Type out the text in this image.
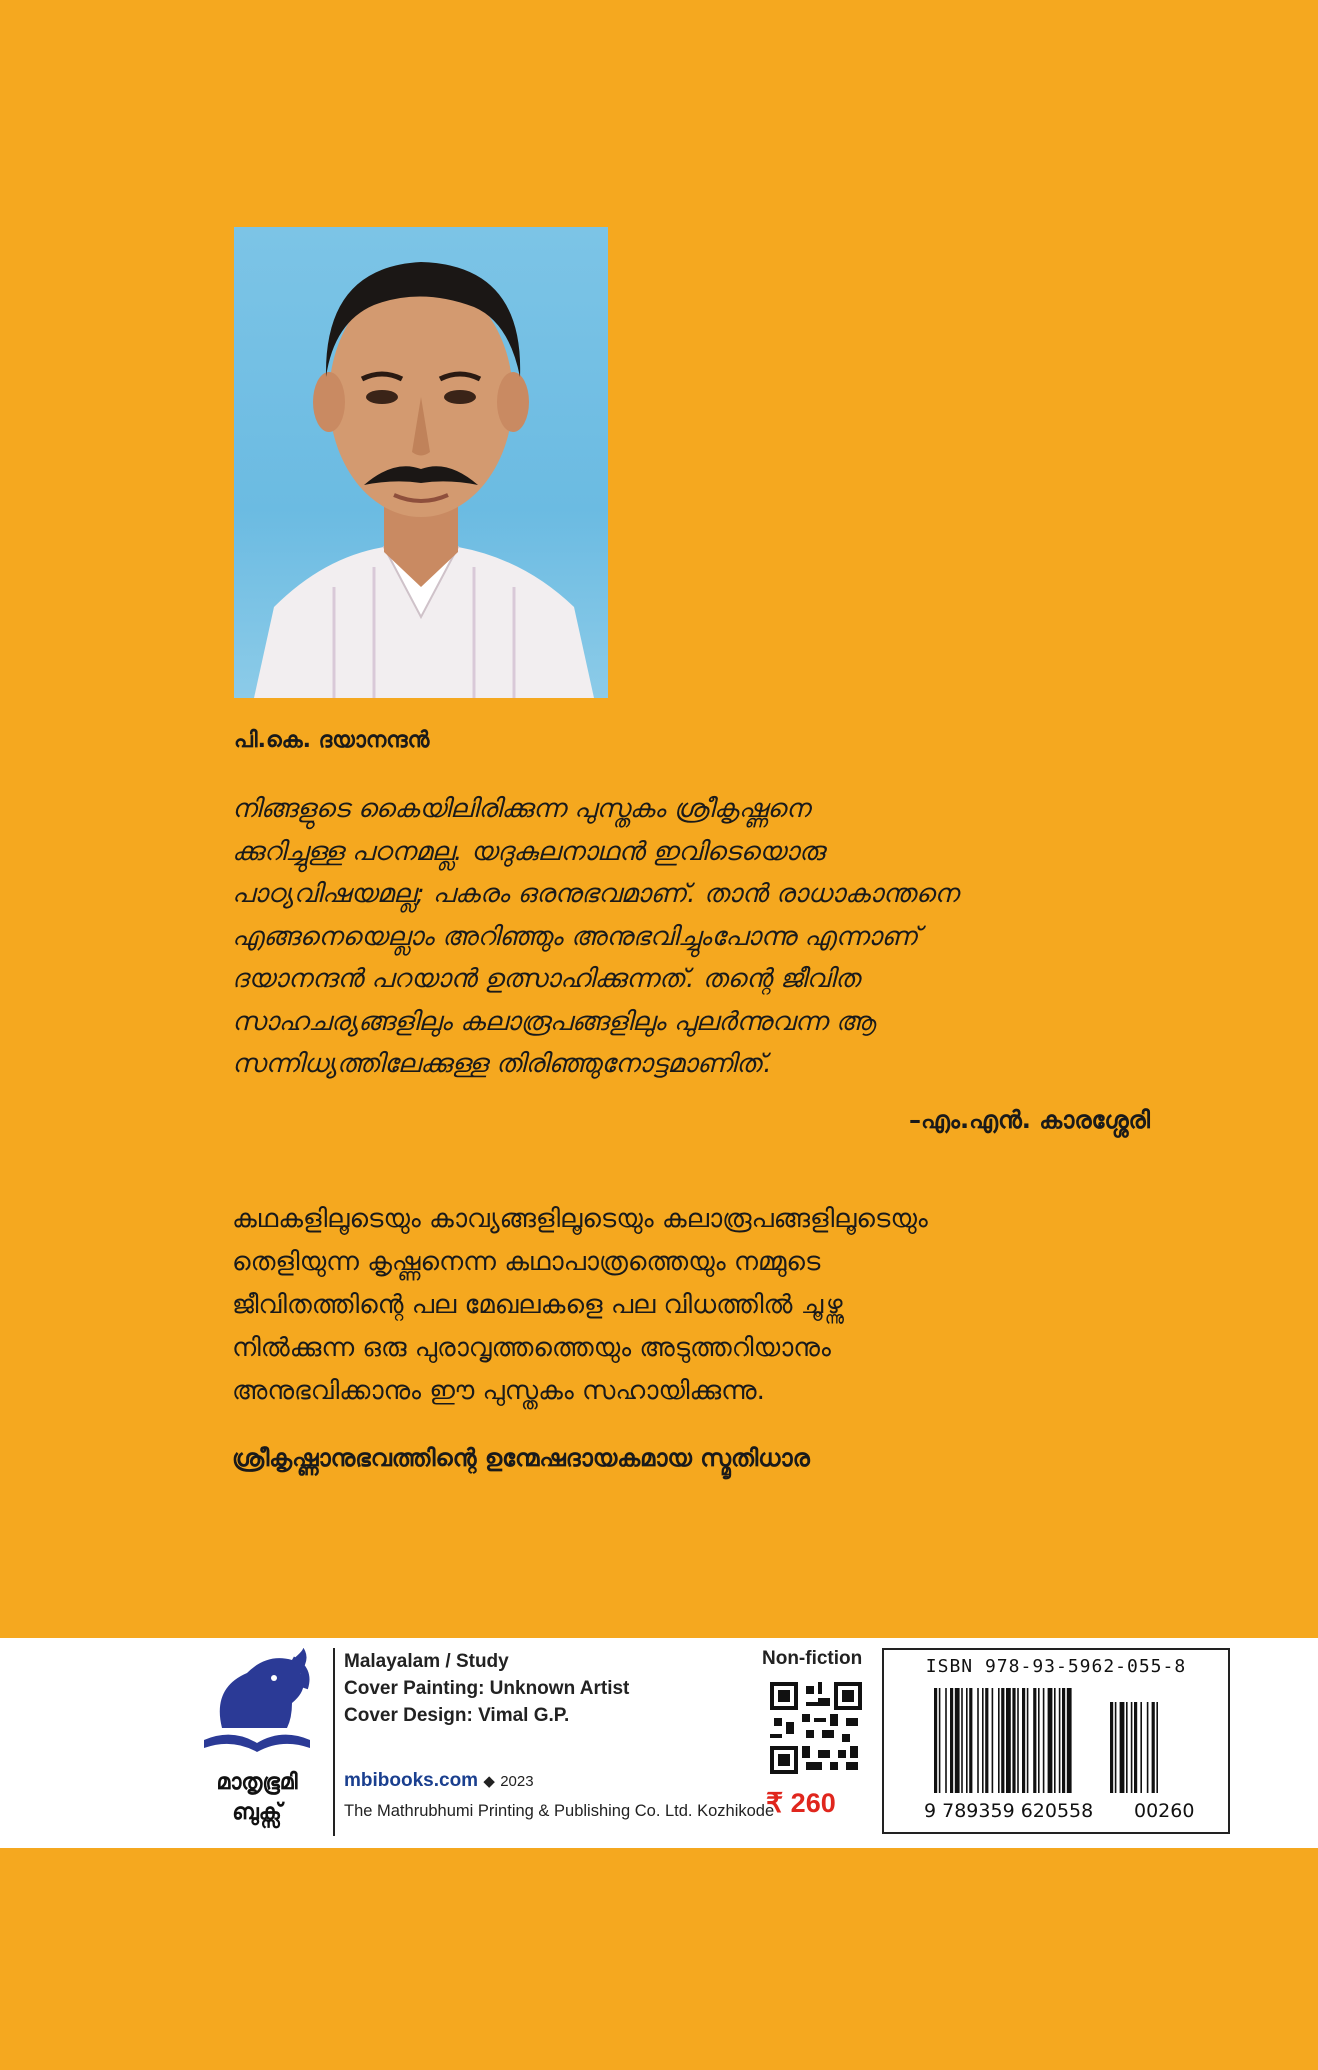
പി.കെ. ദയാനന്ദൻ

നിങ്ങളുടെ കൈയിലിരിക്കുന്ന പുസ്തകം ശ്രീകൃഷ്ണനെ

ക്കുറിച്ചുള്ള പഠനമല്ല. യദുകുലനാഥൻ ഇവിടെയൊരു

പാഠ്യവിഷയമല്ല; പകരം ഒരനുഭവമാണ്. താൻ രാധാകാന്തനെ

എങ്ങനെയെല്ലാം അറിഞ്ഞും അനുഭവിച്ചുംപോന്നു എന്നാണ്

ദയാനന്ദൻ പറയാൻ ഉത്സാഹിക്കുന്നത്. തന്റെ ജീവിത

സാഹചര്യങ്ങളിലും കലാരൂപങ്ങളിലും പുലർന്നുവന്ന ആ

സന്നിധ്യത്തിലേക്കുള്ള തിരിഞ്ഞുനോട്ടമാണിത്.

–എം.എൻ. കാരശ്ശേരി

കഥകളിലൂടെയും കാവ്യങ്ങളിലൂടെയും കലാരൂപങ്ങളിലൂടെയും

തെളിയുന്ന കൃഷ്ണനെന്ന കഥാപാത്രത്തെയും നമ്മുടെ

ജീവിതത്തിന്റെ പല മേഖലകളെ പല വിധത്തിൽ ചൂഴ്ന്നു

നിൽക്കുന്ന ഒരു പുരാവൃത്തത്തെയും അടുത്തറിയാനും

അനുഭവിക്കാനും ഈ പുസ്തകം സഹായിക്കുന്നു.

ശ്രീകൃഷ്ണാനുഭവത്തിന്റെ ഉന്മേഷദായകമായ സ്മൃതിധാര
മാതൃഭൂമി
ബുക്സ്
Malayalam / Study
Cover Painting: Unknown Artist
Cover Design: Vimal G.P.
mbibooks.com ◆ 2023
The Mathrubhumi Printing & Publishing Co. Ltd. Kozhikode
Non-fiction
₹ 260
ISBN 978-93-5962-055-8
9 789359 620558 00260
